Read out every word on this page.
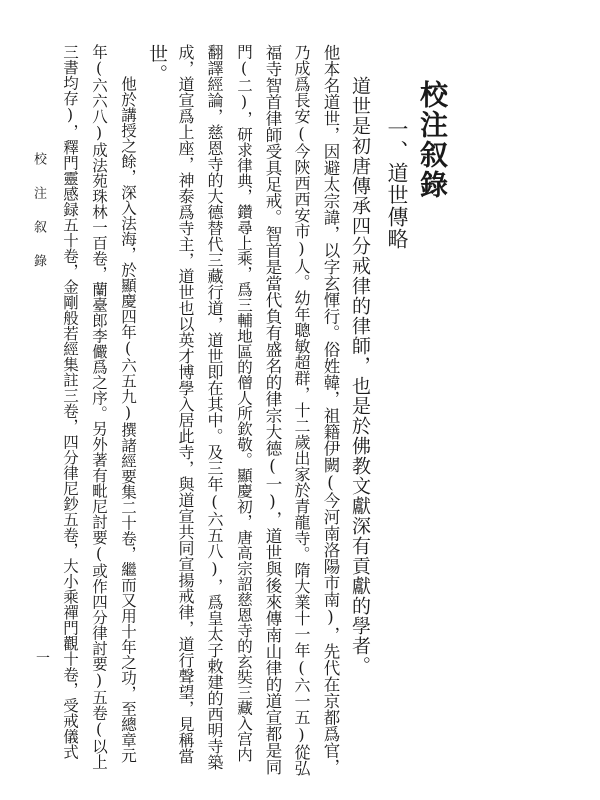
校注叙錄
一、道世傳略
道世是初唐傳承四分戒律的律師，也是於佛教文獻深有貢獻的學者。
他本名道世，因避太宗諱，以字玄惲行。俗姓韓，祖籍伊闕(今河南洛陽市南)，先代在京都爲官，
乃成爲長安(今陝西西安市)人。幼年聰敏超群，十二歲出家於青龍寺。隋大業十一年(六一五)從弘
福寺智首律師受具足戒。智首是當代負有盛名的律宗大德(一)，道世與後來傳南山律的道宣都是同
門(二)，研求律典，鑽尋上乘，爲三輔地區的僧人所欽敬。顯慶初，唐高宗詔慈恩寺的玄奘三藏入宫内
翻譯經論，慈恩寺的大德替代三藏行道，道世即在其中。及三年(六五八)，爲皇太子敕建的西明寺築
成，道宣爲上座，神泰爲寺主，道世也以英才博學入居此寺，與道宣共同宣揚戒律，道行聲望，見稱當
世。
他於講授之餘，深入法海，於顯慶四年(六五九)撰諸經要集二十卷，繼而又用十年之功，至總章元
年(六六八)成法苑珠林一百卷，蘭臺郎李儼爲之序。另外著有毗尼討要(或作四分律討要)五卷(以上
三書均存)，釋門靈感録五十卷，金剛般若經集註三卷，四分律尼鈔五卷，大小乘禪門觀十卷，受戒儀式
校 注 叙 錄
一
